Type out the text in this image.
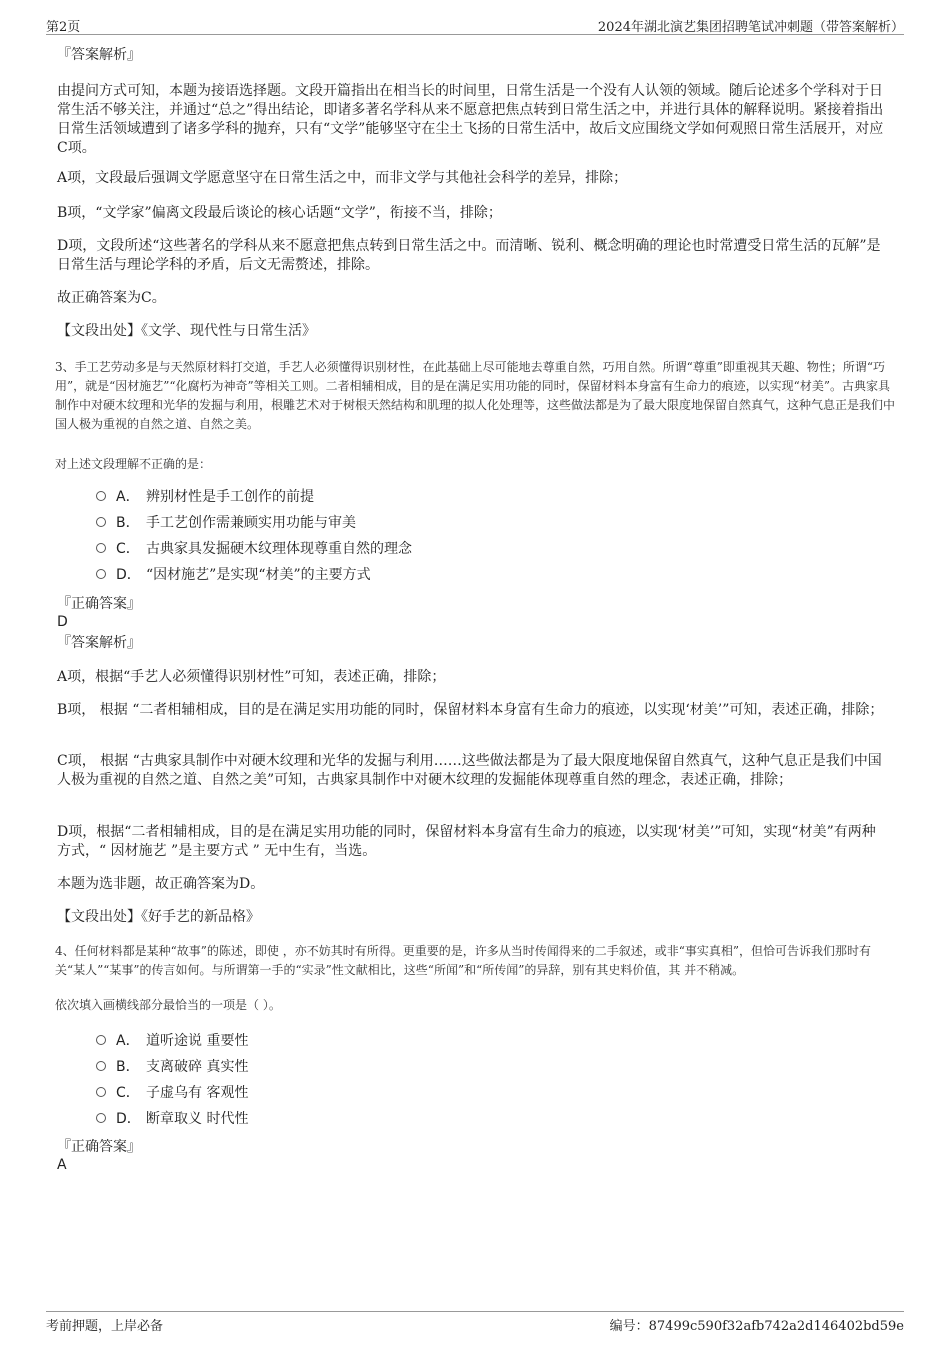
第2页	2024年湖北演艺集团招聘笔试冲刺题（带答案解析）
『答案解析』
由提问方式可知，本题为接语选择题。文段开篇指出在相当长的时间里，日常生活是一个没有人认领的领域。随后论述多个学科对于日常生活不够关注，并通过“总之”得出结论，即诸多著名学科从来不愿意把焦点转到日常生活之中，并进行具体的解释说明。紧接着指出日常生活领域遭到了诸多学科的抛弃，只有“文学”能够坚守在尘土飞扬的日常生活中，故后文应围绕文学如何观照日常生活展开，对应C项。
A项，文段最后强调文学愿意坚守在日常生活之中，而非文学与其他社会科学的差异，排除；
B项，“文学家”偏离文段最后谈论的核心话题“文学”，衔接不当，排除；
D项，文段所述“这些著名的学科从来不愿意把焦点转到日常生活之中。而清晰、锐利、概念明确的理论也时常遭受日常生活的瓦解”是日常生活与理论学科的矛盾，后文无需赘述，排除。
故正确答案为C。
【文段出处】《文学、现代性与日常生活》
3、手工艺劳动多是与天然原材料打交道，手艺人必须懂得识别材性，在此基础上尽可能地去尊重自然，巧用自然。所谓“尊重”即重视其天趣、物性；所谓“巧用”，就是“因材施艺”“化腐朽为神奇”等相关工则。二者相辅相成，目的是在满足实用功能的同时，保留材料本身富有生命力的痕迹，以实现“材美”。古典家具制作中对硬木纹理和光华的发掘与利用，根雕艺术对于树根天然结构和肌理的拟人化处理等，这些做法都是为了最大限度地保留自然真气，这种气息正是我们中国人极为重视的自然之道、自然之美。
对上述文段理解不正确的是：
A． 辨别材性是手工创作的前提
B． 手工艺创作需兼顾实用功能与审美
C． 古典家具发掘硬木纹理体现尊重自然的理念
D． “因材施艺”是实现“材美”的主要方式
『正确答案』
D
『答案解析』
A项，根据“手艺人必须懂得识别材性”可知，表述正确，排除；
B项， 根据 “二者相辅相成，目的是在满足实用功能的同时，保留材料本身富有生命力的痕迹，以实现‘材美’”可知，表述正确，排除；
C项， 根据 “古典家具制作中对硬木纹理和光华的发掘与利用……这些做法都是为了最大限度地保留自然真气，这种气息正是我们中国人极为重视的自然之道、自然之美”可知，古典家具制作中对硬木纹理的发掘能体现尊重自然的理念，表述正确，排除；
D项，根据“二者相辅相成，目的是在满足实用功能的同时，保留材料本身富有生命力的痕迹，以实现‘材美’”可知，实现“材美”有两种方式，“ 因材施艺 ”是主要方式 ” 无中生有，当选。
本题为选非题，故正确答案为D。
【文段出处】《好手艺的新品格》
4、任何材料都是某种“故事”的陈述，即使 ，亦不妨其时有所得。更重要的是，许多从当时传闻得来的二手叙述，或非“事实真相”，但恰可告诉我们那时有关“某人”“某事”的传言如何。与所谓第一手的“实录”性文献相比，这些“所闻”和“所传闻”的异辞，别有其史料价值，其 并不稍减。
依次填入画横线部分最恰当的一项是（ ）。
A． 道听途说 重要性
B． 支离破碎 真实性
C． 子虚乌有 客观性
D． 断章取义 时代性
『正确答案』
A
考前押题，上岸必备	编号：87499c590f32afb742a2d146402bd59e
